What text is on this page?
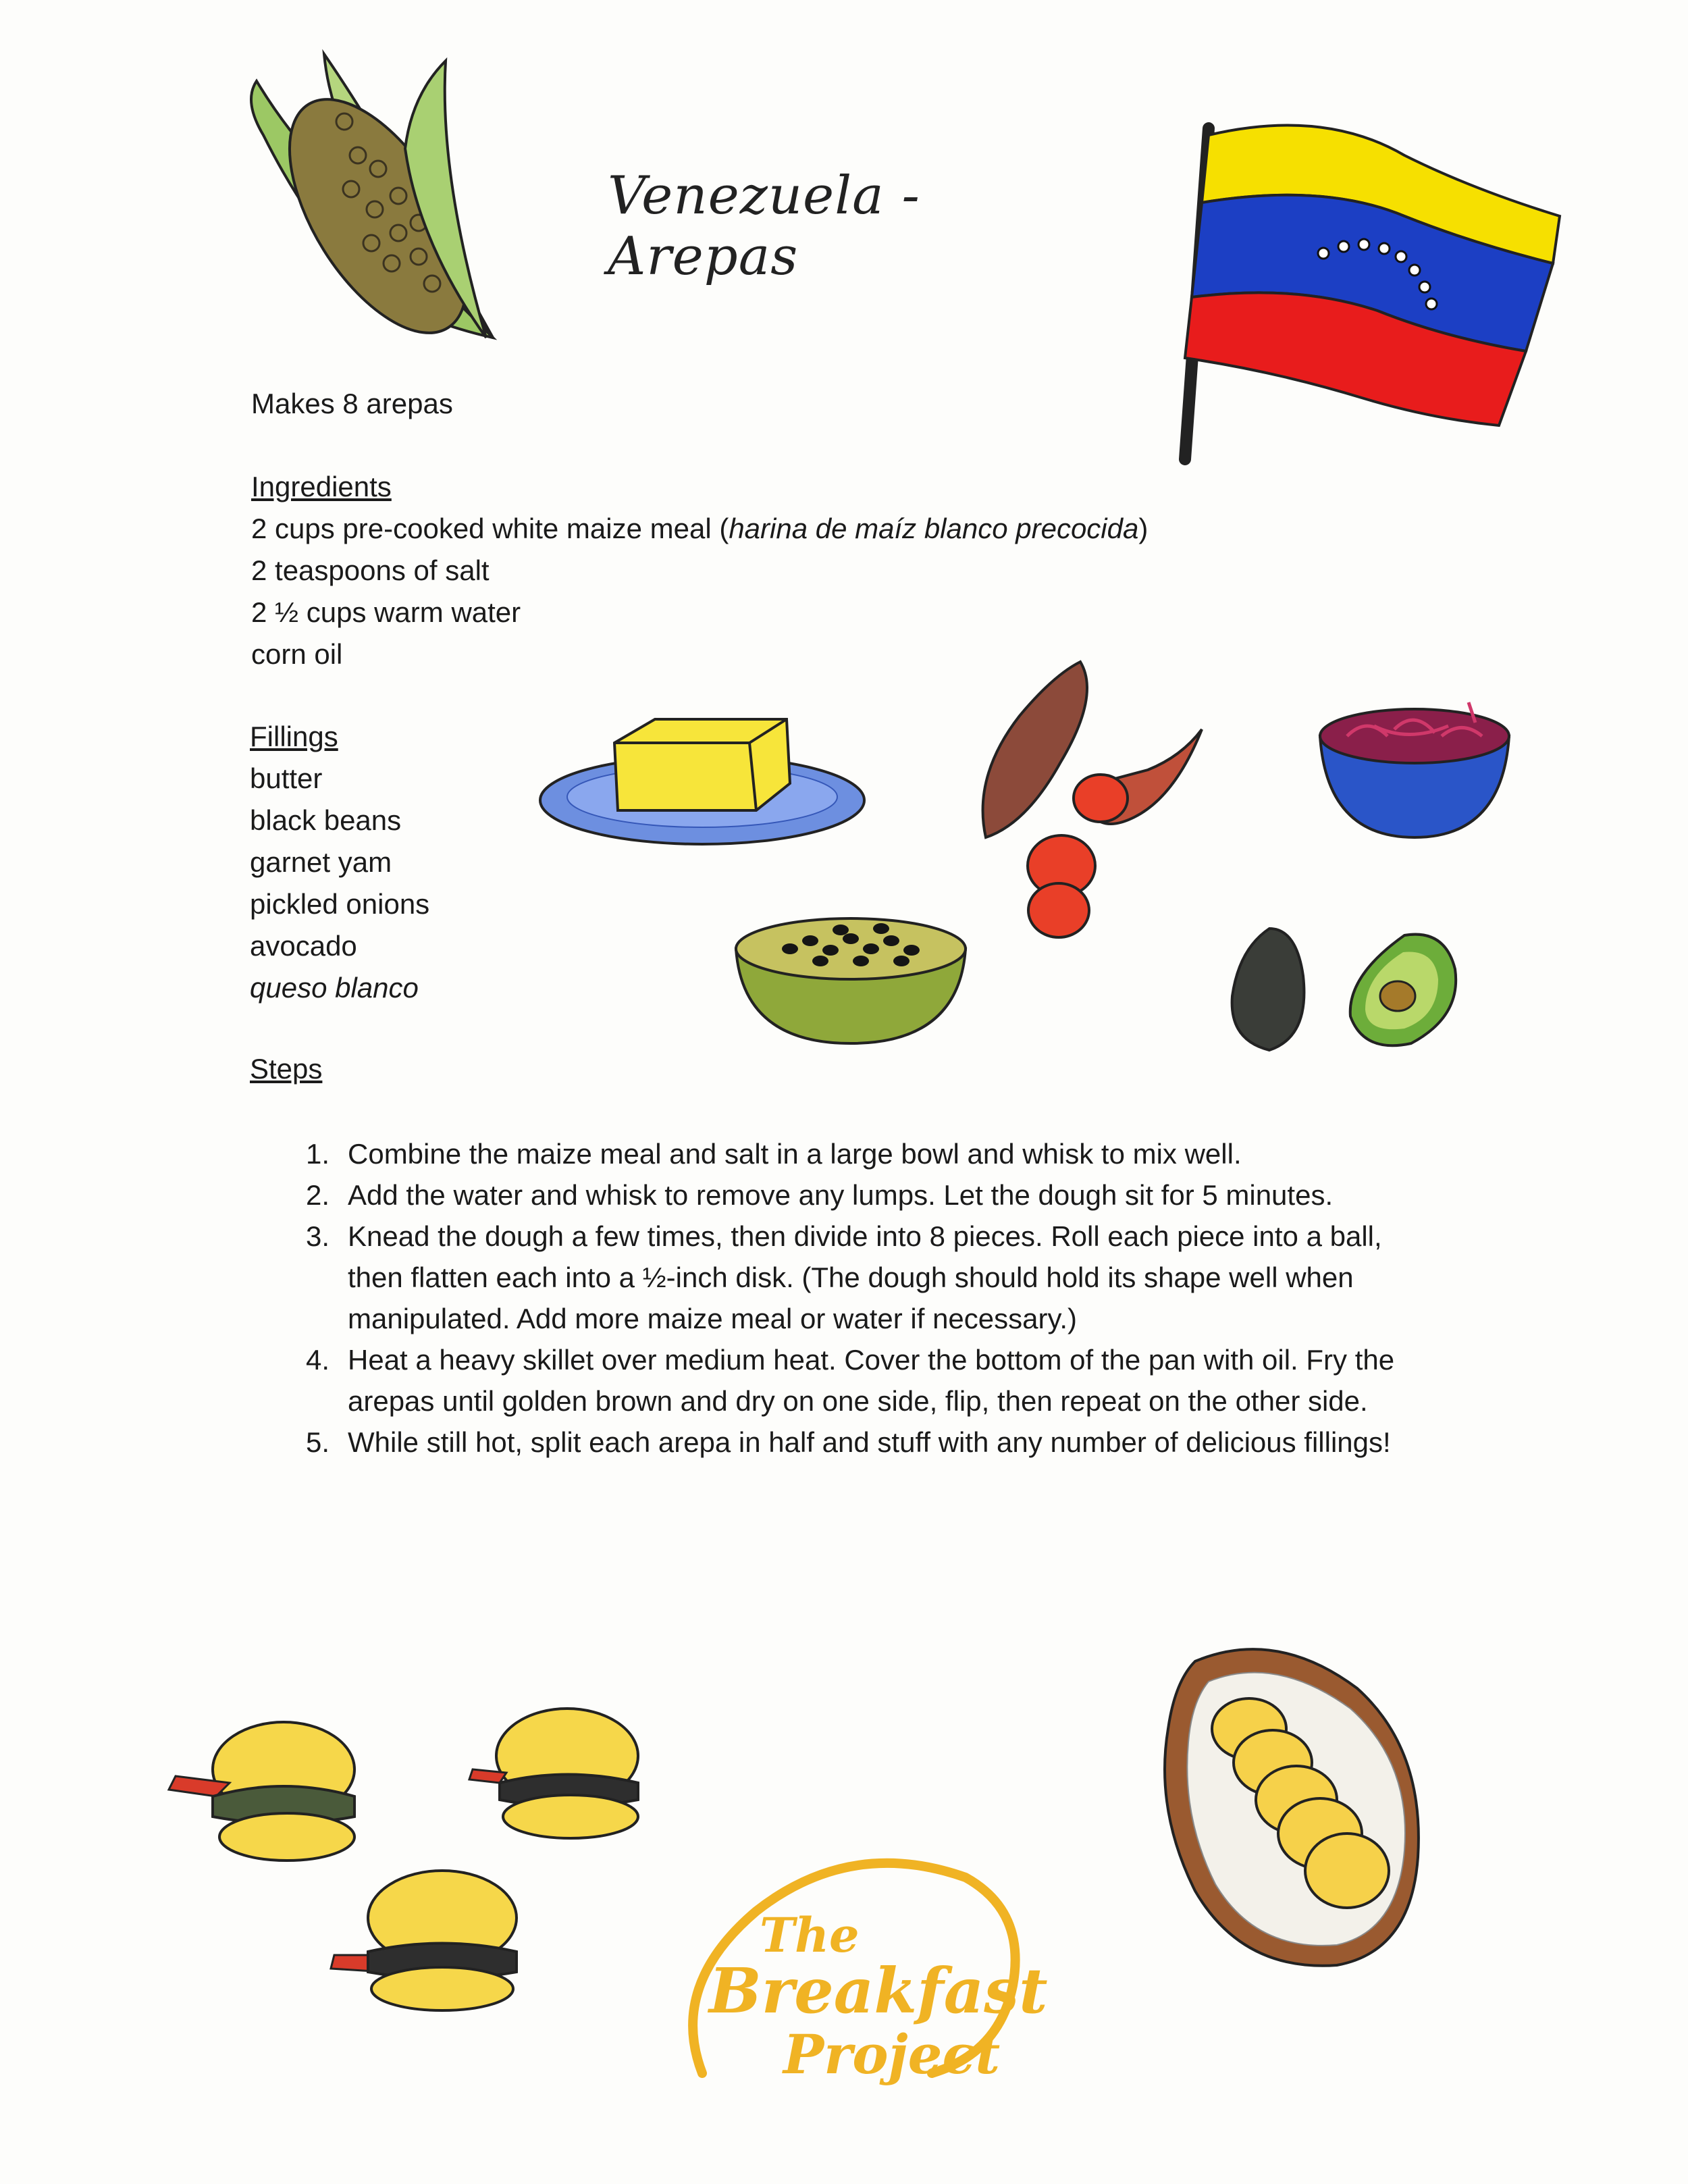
Venezuela - Arepas
Makes 8 arepas
Ingredients
2 cups pre-cooked white maize meal (harina de maíz blanco precocida)
2 teaspoons of salt
2 ½ cups warm water
corn oil
Fillings
butter
black beans
garnet yam
pickled onions
avocado
queso blanco
Steps
1. Combine the maize meal and salt in a large bowl and whisk to mix well.
2. Add the water and whisk to remove any lumps. Let the dough sit for 5 minutes.
3. Knead the dough a few times, then divide into 8 pieces. Roll each piece into a ball, then flatten each into a ½-inch disk. (The dough should hold its shape well when manipulated. Add more maize meal or water if necessary.)
4. Heat a heavy skillet over medium heat. Cover the bottom of the pan with oil. Fry the arepas until golden brown and dry on one side, flip, then repeat on the other side.
5. While still hot, split each arepa in half and stuff with any number of delicious fillings!
The
Breakfast
Project
